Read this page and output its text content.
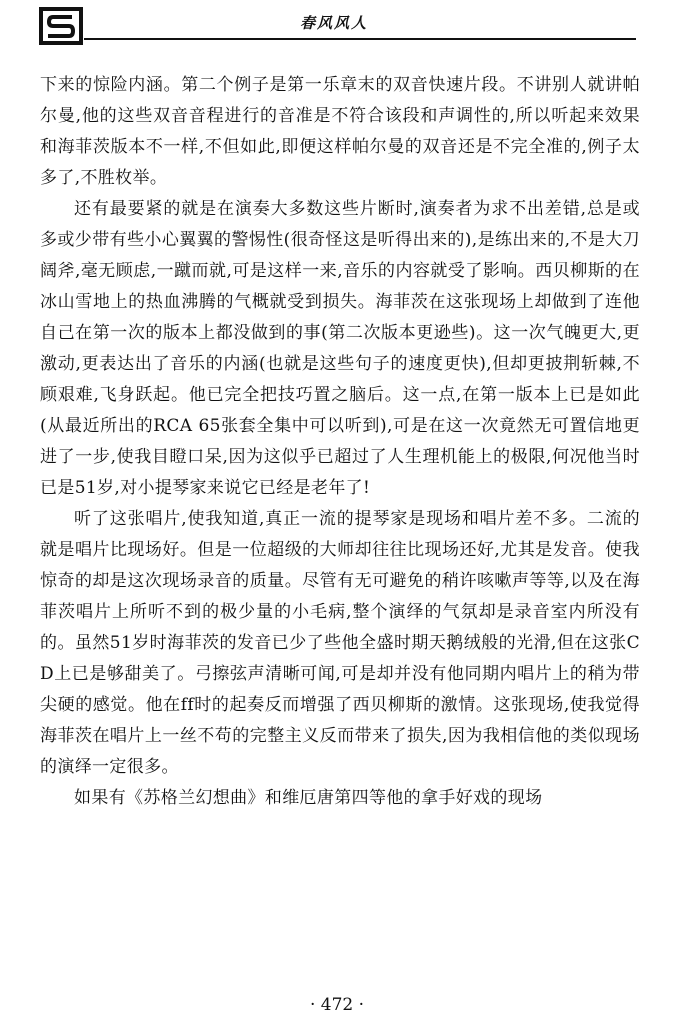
春风风人

下来的惊险内涵。第二个例子是第一乐章末的双音快速片段。不讲别人就讲帕尔曼,他的这些双音音程进行的音准是不符合该段和声调性的,所以听起来效果和海菲茨版本不一样,不但如此,即便这样帕尔曼的双音还是不完全准的,例子太多了,不胜枚举。

还有最要紧的就是在演奏大多数这些片断时,演奏者为求不出差错,总是或多或少带有些小心翼翼的警惕性(很奇怪这是听得出来的),是练出来的,不是大刀阔斧,毫无顾虑,一蹴而就,可是这样一来,音乐的内容就受了影响。西贝柳斯的在冰山雪地上的热血沸腾的气概就受到损失。海菲茨在这张现场上却做到了连他自己在第一次的版本上都没做到的事(第二次版本更逊些)。这一次气魄更大,更激动,更表达出了音乐的内涵(也就是这些句子的速度更快),但却更披荆斩棘,不顾艰难,飞身跃起。他已完全把技巧置之脑后。这一点,在第一版本上已是如此(从最近所出的RCA 65张套全集中可以听到),可是在这一次竟然无可置信地更进了一步,使我目瞪口呆,因为这似乎已超过了人生理机能上的极限,何况他当时已是51岁,对小提琴家来说它已经是老年了!

听了这张唱片,使我知道,真正一流的提琴家是现场和唱片差不多。二流的就是唱片比现场好。但是一位超级的大师却往往比现场还好,尤其是发音。使我惊奇的却是这次现场录音的质量。尽管有无可避免的稍许咳嗽声等等,以及在海菲茨唱片上所听不到的极少量的小毛病,整个演绎的气氛却是录音室内所没有的。虽然51岁时海菲茨的发音已少了些他全盛时期天鹅绒般的光滑,但在这张CD上已是够甜美了。弓擦弦声清晰可闻,可是却并没有他同期内唱片上的稍为带尖硬的感觉。他在ff时的起奏反而增强了西贝柳斯的激情。这张现场,使我觉得海菲茨在唱片上一丝不苟的完整主义反而带来了损失,因为我相信他的类似现场的演绎一定很多。

如果有《苏格兰幻想曲》和维厄唐第四等他的拿手好戏的现场

· 472 ·
